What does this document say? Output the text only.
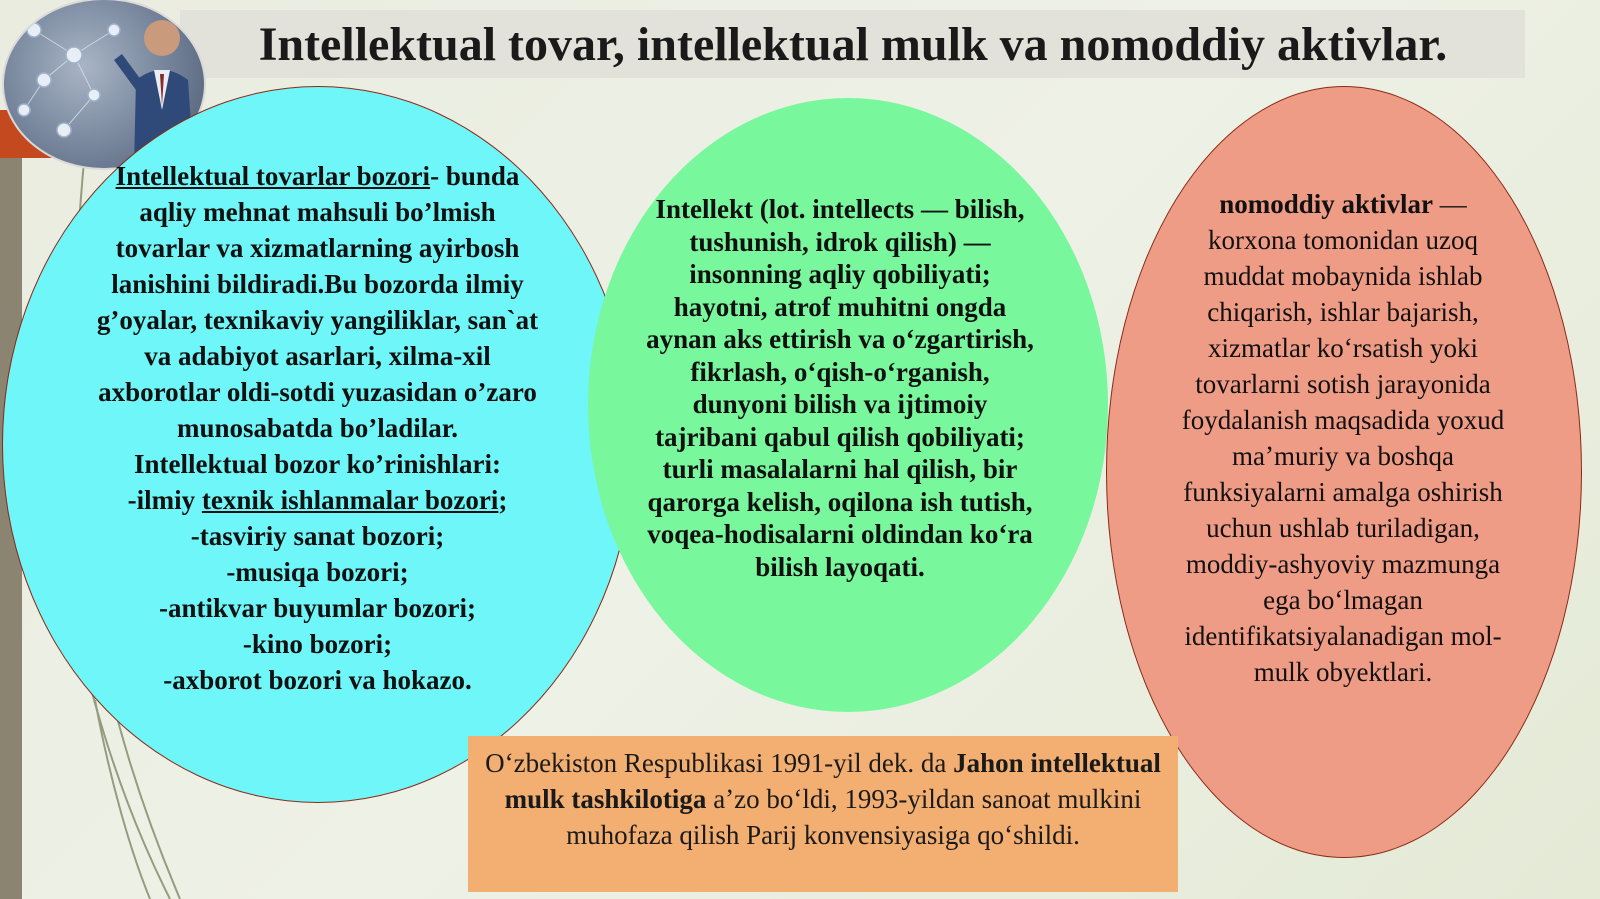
Intellektual tovar, intellektual mulk va nomoddiy aktivlar.
Intellektual tovarlar bozori- bunda aqliy mehnat mahsuli bo’lmish tovarlar va xizmatlarning ayirbosh lanishini bildiradi.Bu bozorda ilmiy g’oyalar, texnikaviy yangiliklar, san`at va adabiyot asarlari, xilma-xil axborotlar oldi-sotdi yuzasidan o’zaro munosabatda bo’ladilar.
Intellektual bozor ko’rinishlari:
-ilmiy texnik ishlanmalar bozori;
-tasviriy sanat bozori;
-musiqa bozori;
-antikvar buyumlar bozori;
-kino bozori;
-axborot bozori va hokazo.
Intellekt (lot. intellects — bilish, tushunish, idrok qilish) — insonning aqliy qobiliyati; hayotni, atrof muhitni ongda aynan aks ettirish va oʻzgartirish, fikrlash, oʻqish-oʻrganish, dunyoni bilish va ijtimoiy tajribani qabul qilish qobiliyati; turli masalalarni hal qilish, bir qarorga kelish, oqilona ish tutish, voqea-hodisalarni oldindan koʻra bilish layoqati.
nomoddiy aktivlar — korxona tomonidan uzoq muddat mobaynida ishlab chiqarish, ishlar bajarish, xizmatlar koʻrsatish yoki tovarlarni sotish jarayonida foydalanish maqsadida yoxud maʼmuriy va boshqa funksiyalarni amalga oshirish uchun ushlab turiladigan, moddiy-ashyoviy mazmunga ega boʻlmagan identifikatsiyalanadigan mol-mulk obyektlari.
Oʻzbekiston Respublikasi 1991-yil dek. da Jahon intellektual mulk tashkilotiga aʼzo boʻldi, 1993-yildan sanoat mulkini muhofaza qilish Parij konvensiyasiga qoʻshildi.
